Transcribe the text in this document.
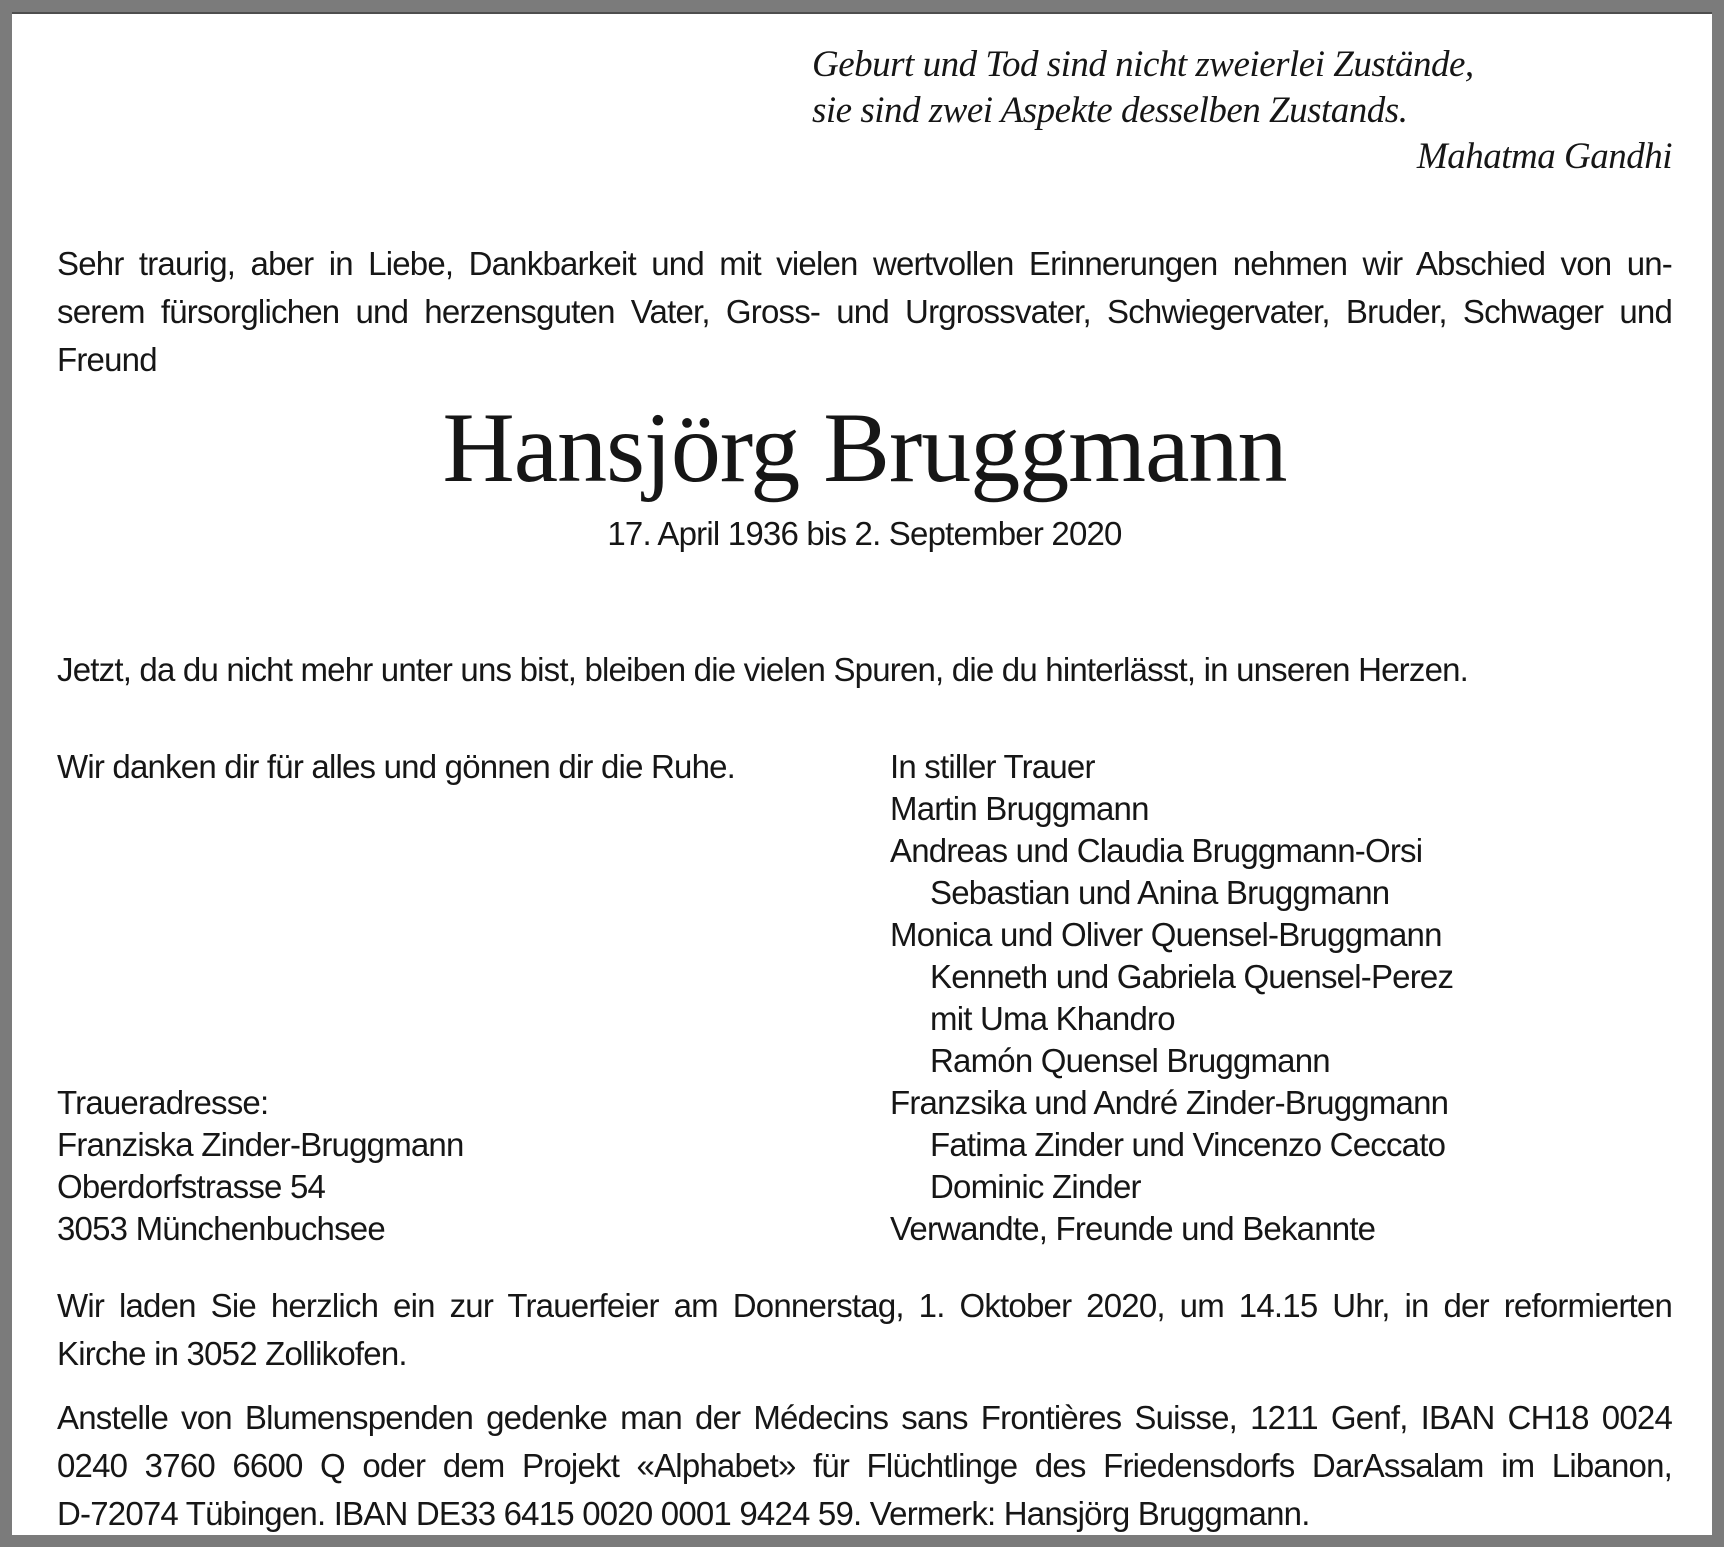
Geburt und Tod sind nicht zweierlei Zustände,
sie sind zwei Aspekte desselben Zustands.
Mahatma Gandhi
Sehr traurig, aber in Liebe, Dankbarkeit und mit vielen wertvollen Erinnerungen nehmen wir Abschied von un-
serem fürsorglichen und herzensguten Vater, Gross- und Urgrossvater, Schwiegervater, Bruder, Schwager und
Freund
Hansjörg Bruggmann
17. April 1936 bis 2. September 2020
Jetzt, da du nicht mehr unter uns bist, bleiben die vielen Spuren, die du hinterlässt, in unseren Herzen.
Wir danken dir für alles und gönnen dir die Ruhe.
Traueradresse:
Franziska Zinder-Bruggmann
Oberdorfstrasse 54
3053 Münchenbuchsee
In stiller Trauer
Martin Bruggmann
Andreas und Claudia Bruggmann-Orsi
Sebastian und Anina Bruggmann
Monica und Oliver Quensel-Bruggmann
Kenneth und Gabriela Quensel-Perez
mit Uma Khandro
Ramón Quensel Bruggmann
Franzsika und André Zinder-Bruggmann
Fatima Zinder und Vincenzo Ceccato
Dominic Zinder
Verwandte, Freunde und Bekannte
Wir laden Sie herzlich ein zur Trauerfeier am Donnerstag, 1. Oktober 2020, um 14.15 Uhr, in der reformierten
Kirche in 3052 Zollikofen.
Anstelle von Blumenspenden gedenke man der Médecins sans Frontières Suisse, 1211 Genf, IBAN CH18 0024
0240 3760 6600 Q oder dem Projekt «Alphabet» für Flüchtlinge des Friedensdorfs DarAssalam im Libanon,
D-72074 Tübingen. IBAN DE33 6415 0020 0001 9424 59. Vermerk: Hansjörg Bruggmann.
